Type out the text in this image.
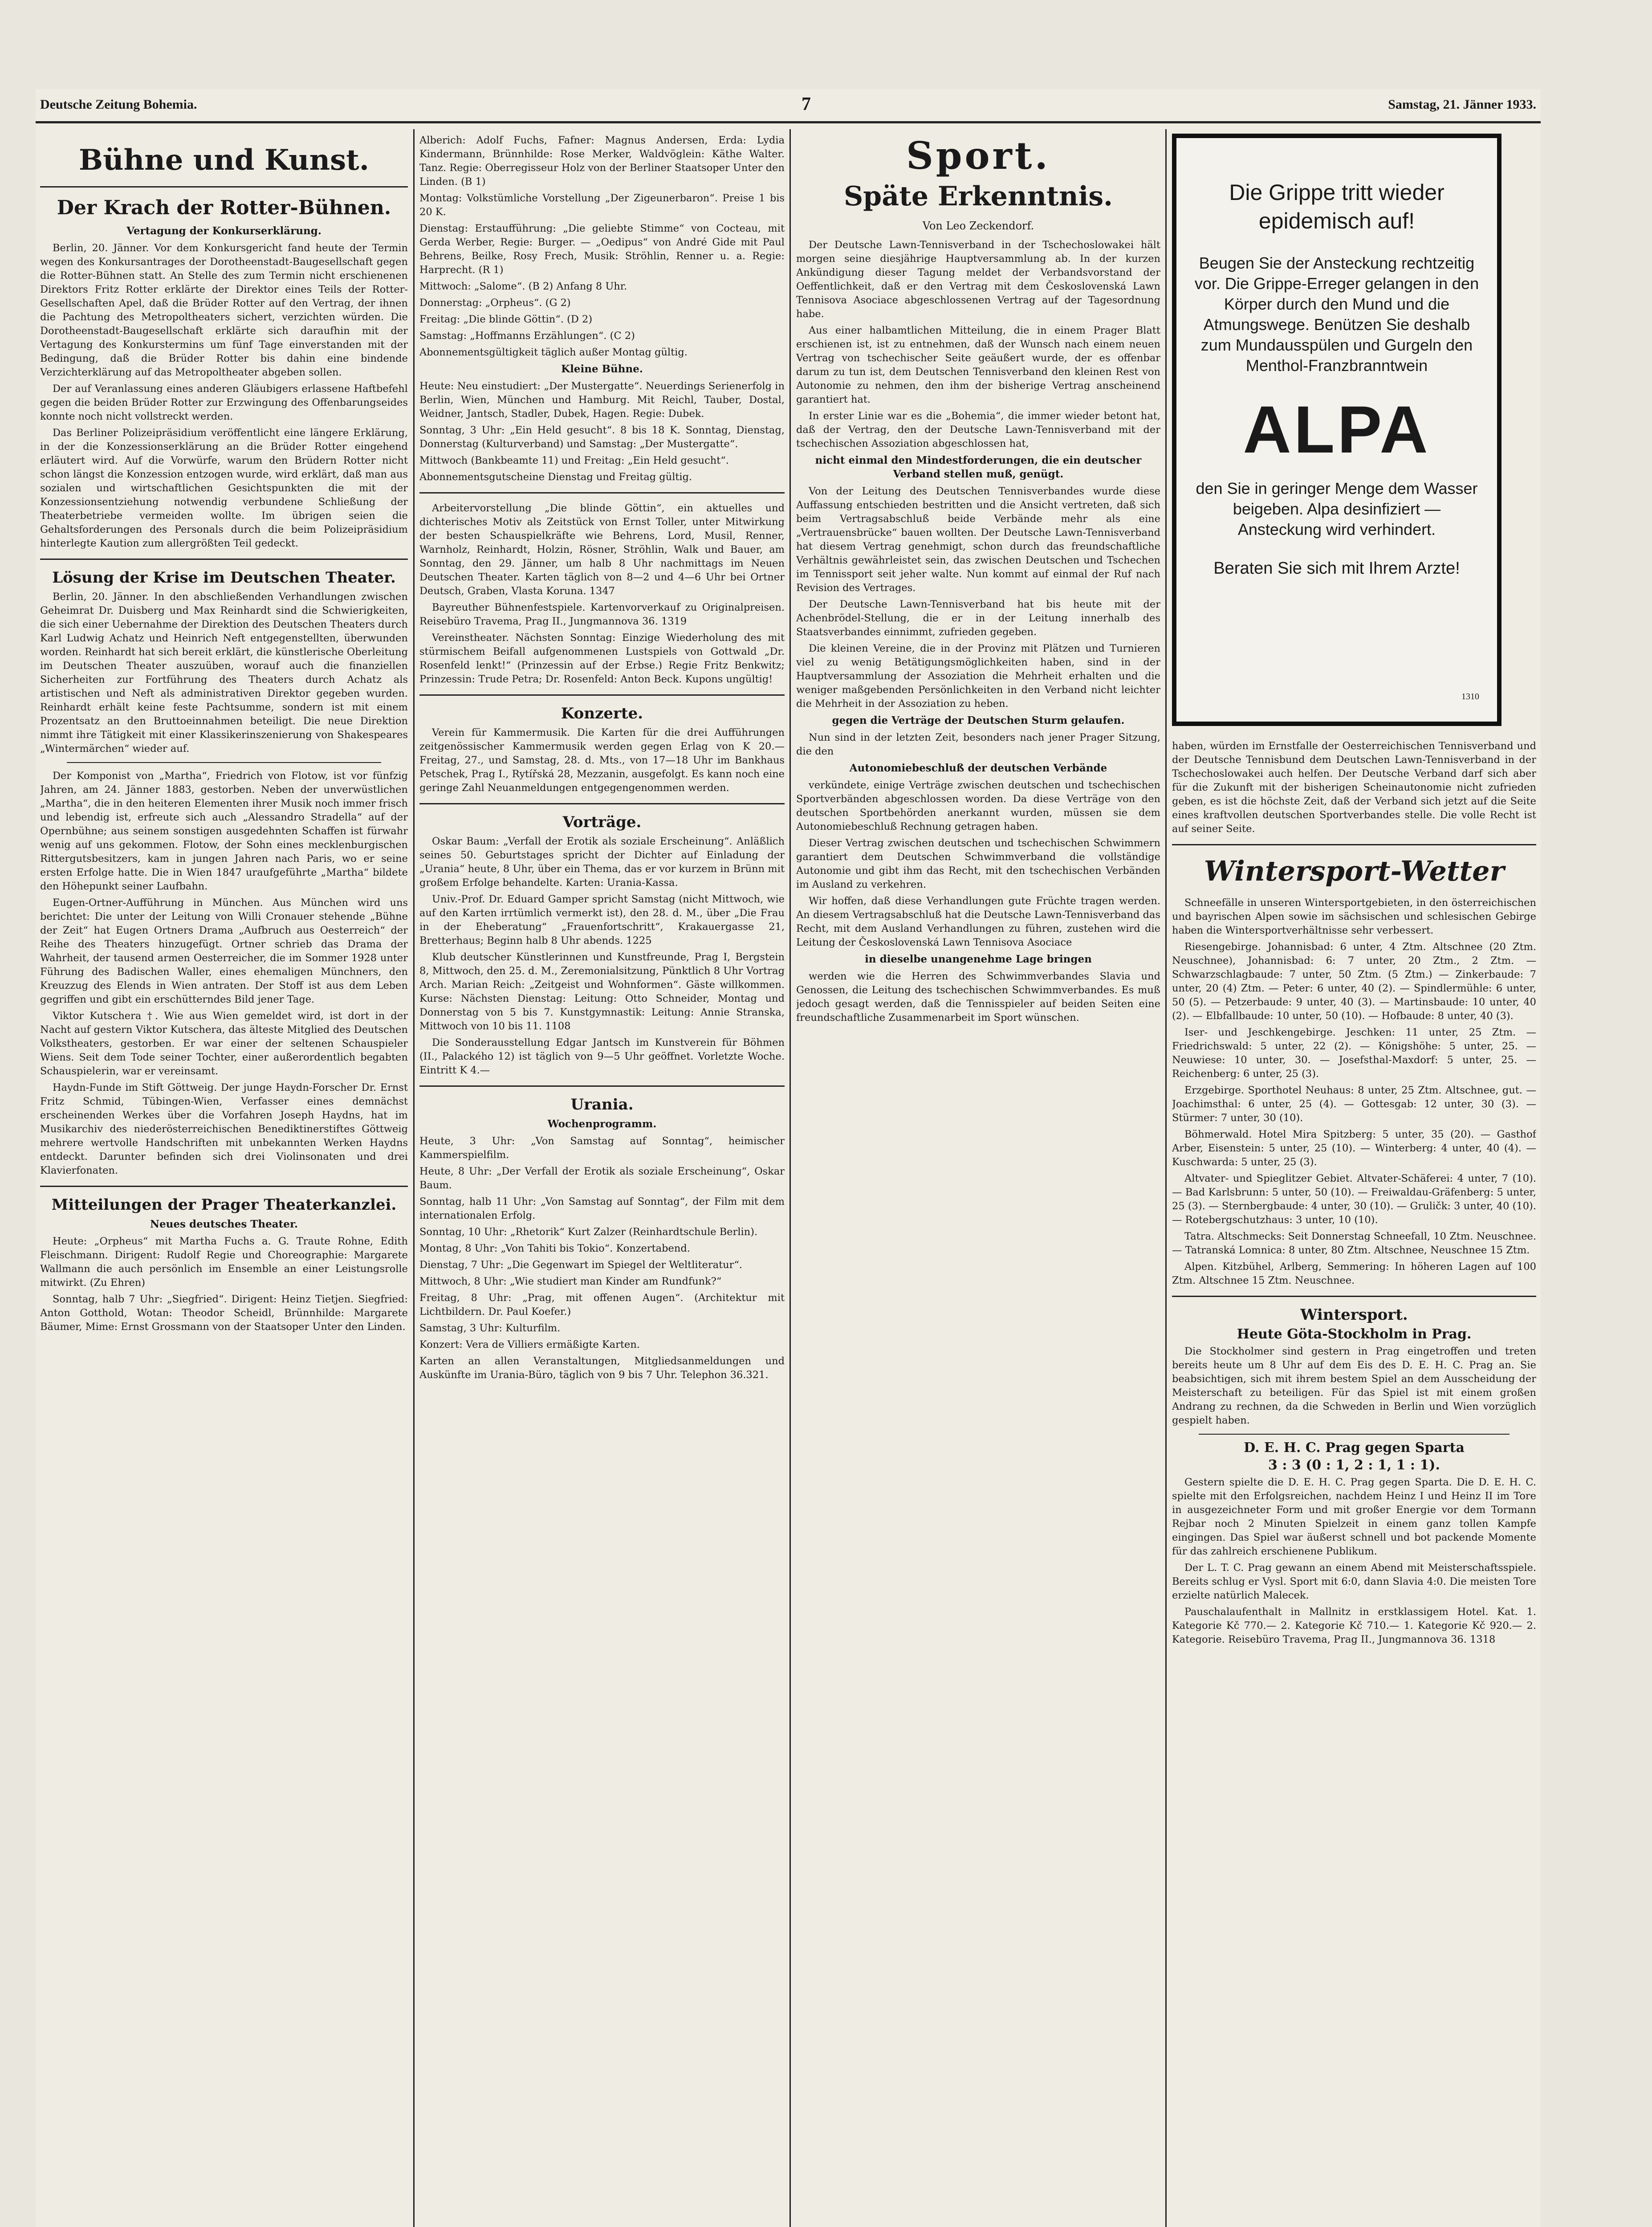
Deutsche Zeitung Bohemia.	7	Samstag, 21. Jänner 1933.
Bühne und Kunst.
Der Krach der Rotter-Bühnen.
Vertagung der Konkurserklärung.

Berlin, 20. Jänner. Vor dem Konkursgericht fand heute der Termin wegen des Konkursantrages der Dorotheenstadt-Baugesellschaft gegen die Rotter-Bühnen statt. An Stelle des zum Termin nicht erschienenen Direktors Fritz Rotter erklärte der Direktor eines Teils der Rotter-Gesellschaften Apel, daß die Brüder Rotter auf den Vertrag, der ihnen die Pachtung des Metropoltheaters sichert, verzichten würden. Die Dorotheenstadt-Baugesellschaft erklärte sich daraufhin mit der Vertagung des Konkurstermins um fünf Tage einverstanden mit der Bedingung, daß die Brüder Rotter bis dahin eine bindende Verzichterklärung auf das Metropoltheater abgeben sollen.

Der auf Veranlassung eines anderen Gläubigers erlassene Haftbefehl gegen die beiden Brüder Rotter zur Erzwingung des Offenbarungseides konnte noch nicht vollstreckt werden.

Das Berliner Polizeipräsidium veröffentlicht eine längere Erklärung, in der die Konzessionserklärung an die Brüder Rotter eingehend erläutert wird. Auf die Vorwürfe, warum den Brüdern Rotter nicht schon längst die Konzession entzogen wurde, wird erklärt, daß man aus sozialen und wirtschaftlichen Gesichtspunkten die mit der Konzessionsentziehung notwendig verbundene Schließung der Theaterbetriebe vermeiden wollte. Im übrigen seien die Gehaltsforderungen des Personals durch die beim Polizeipräsidium hinterlegte Kaution zum allergrößten Teil gedeckt.

Lösung der Krise im Deutschen Theater.

Berlin, 20. Jänner. In den abschließenden Verhandlungen zwischen Geheimrat Dr. Duisberg und Max Reinhardt sind die Schwierigkeiten, die sich einer Uebernahme der Direktion des Deutschen Theaters durch Karl Ludwig Achatz und Heinrich Neft entgegenstellten, überwunden worden. Reinhardt hat sich bereit erklärt, die künstlerische Oberleitung im Deutschen Theater auszuüben, worauf auch die finanziellen Sicherheiten zur Fortführung des Theaters durch Achatz als artistischen und Neft als administrativen Direktor gegeben wurden. Reinhardt erhält keine feste Pachtsumme, sondern ist mit einem Prozentsatz an den Bruttoeinnahmen beteiligt. Die neue Direktion nimmt ihre Tätigkeit mit einer Klassikerinszenierung von Shakespeares „Wintermärchen“ wieder auf.

Der Komponist von „Martha“, Friedrich von Flotow, ist vor fünfzig Jahren, am 24. Jänner 1883, gestorben. Neben der unverwüstlichen „Martha“, die in den heiteren Elementen ihrer Musik noch immer frisch und lebendig ist, erfreute sich auch „Alessandro Stradella“ auf der Opernbühne; aus seinem sonstigen ausgedehnten Schaffen ist fürwahr wenig auf uns gekommen. Flotow, der Sohn eines mecklenburgischen Rittergutsbesitzers, kam in jungen Jahren nach Paris, wo er seine ersten Erfolge hatte. Die in Wien 1847 uraufgeführte „Martha“ bildete den Höhepunkt seiner Laufbahn.

Eugen-Ortner-Aufführung in München. Aus München wird uns berichtet: Die unter der Leitung von Willi Cronauer stehende „Bühne der Zeit“ hat Eugen Ortners Drama „Aufbruch aus Oesterreich“ der Reihe des Theaters hinzugefügt. Ortner schrieb das Drama der Wahrheit, der tausend armen Oesterreicher, die im Sommer 1928 unter Führung des Badischen Waller, eines ehemaligen Münchners, den Kreuzzug des Elends in Wien antraten. Der Stoff ist aus dem Leben gegriffen und gibt ein erschütterndes Bild jener Tage.

Viktor Kutschera †. Wie aus Wien gemeldet wird, ist dort in der Nacht auf gestern Viktor Kutschera, das älteste Mitglied des Deutschen Volkstheaters, gestorben. Er war einer der seltenen Schauspieler Wiens. Seit dem Tode seiner Tochter, einer außerordentlich begabten Schauspielerin, war er vereinsamt.

Haydn-Funde im Stift Göttweig. Der junge Haydn-Forscher Dr. Ernst Fritz Schmid, Tübingen-Wien, Verfasser eines demnächst erscheinenden Werkes über die Vorfahren Joseph Haydns, hat im Musikarchiv des niederösterreichischen Benediktinerstiftes Göttweig mehrere wertvolle Handschriften mit unbekannten Werken Haydns entdeckt. Darunter befinden sich drei Violinsonaten und drei Klavierfonaten.

Mitteilungen der Prager Theaterkanzlei.
Neues deutsches Theater.

Heute: „Orpheus“ mit Martha Fuchs a. G. Traute Rohne, Edith Fleischmann. Dirigent: Rudolf Regie und Choreographie: Margarete Wallmann die auch persönlich im Ensemble an einer Leistungsrolle mitwirkt. (Zu Ehren)

Sonntag, halb 7 Uhr: „Siegfried“. Dirigent: Heinz Tietjen. Siegfried: Anton Gotthold, Wotan: Theodor Scheidl, Brünnhilde: Margarete Bäumer, Mime: Ernst Grossmann von der Staatsoper Unter den Linden.

Alberich: Adolf Fuchs, Fafner: Magnus Andersen, Erda: Lydia Kindermann, Brünnhilde: Rose Merker, Waldvöglein: Käthe Walter. Tanz. Regie: Oberregisseur Holz von der Berliner Staatsoper Unter den Linden. (B 1)

Montag: Volkstümliche Vorstellung „Der Zigeunerbaron“. Preise 1 bis 20 K.

Dienstag: Erstaufführung: „Die geliebte Stimme“ von Cocteau, mit Gerda Werber, Regie: Burger. — „Oedipus“ von André Gide mit Paul Behrens, Beilke, Rosy Frech, Musik: Ströhlin, Renner u. a. Regie: Harprecht. (R 1)

Mittwoch: „Salome“. (B 2) Anfang 8 Uhr.

Donnerstag: „Orpheus“. (G 2)

Freitag: „Die blinde Göttin“. (D 2)

Samstag: „Hoffmanns Erzählungen“. (C 2)

Abonnementsgültigkeit täglich außer Montag gültig.

Kleine Bühne.

Heute: Neu einstudiert: „Der Mustergatte“. Neuerdings Serienerfolg in Berlin, Wien, München und Hamburg. Mit Reichl, Tauber, Dostal, Weidner, Jantsch, Stadler, Dubek, Hagen. Regie: Dubek.

Sonntag, 3 Uhr: „Ein Held gesucht“. 8 bis 18 K. Sonntag, Dienstag, Donnerstag (Kulturverband) und Samstag: „Der Mustergatte“.

Mittwoch (Bankbeamte 11) und Freitag: „Ein Held gesucht“.

Abonnementsgutscheine Dienstag und Freitag gültig.

Arbeitervorstellung „Die blinde Göttin“, ein aktuelles und dichterisches Motiv als Zeitstück von Ernst Toller, unter Mitwirkung der besten Schauspielkräfte wie Behrens, Lord, Musil, Renner, Warnholz, Reinhardt, Holzin, Rösner, Ströhlin, Walk und Bauer, am Sonntag, den 29. Jänner, um halb 8 Uhr nachmittags im Neuen Deutschen Theater. Karten täglich von 8—2 und 4—6 Uhr bei Ortner Deutsch, Graben, Vlasta Koruna. 1347

Bayreuther Bühnenfestspiele. Kartenvorverkauf zu Originalpreisen. Reisebüro Travema, Prag II., Jungmannova 36. 1319

Vereinstheater. Nächsten Sonntag: Einzige Wiederholung des mit stürmischem Beifall aufgenommenen Lustspiels von Gottwald „Dr. Rosenfeld lenkt!“ (Prinzessin auf der Erbse.) Regie Fritz Benkwitz; Prinzessin: Trude Petra; Dr. Rosenfeld: Anton Beck. Kupons ungültig!

Konzerte.

Verein für Kammermusik. Die Karten für die drei Aufführungen zeitgenössischer Kammermusik werden gegen Erlag von K 20.— Freitag, 27., und Samstag, 28. d. Mts., von 17—18 Uhr im Bankhaus Petschek, Prag I., Rytířská 28, Mezzanin, ausgefolgt. Es kann noch eine geringe Zahl Neuanmeldungen entgegengenommen werden.

Vorträge.

Oskar Baum: „Verfall der Erotik als soziale Erscheinung“. Anläßlich seines 50. Geburtstages spricht der Dichter auf Einladung der „Urania“ heute, 8 Uhr, über ein Thema, das er vor kurzem in Brünn mit großem Erfolge behandelte. Karten: Urania-Kassa.

Univ.-Prof. Dr. Eduard Gamper spricht Samstag (nicht Mittwoch, wie auf den Karten irrtümlich vermerkt ist), den 28. d. M., über „Die Frau in der Eheberatung“ „Frauenfortschritt“, Krakauergasse 21, Bretterhaus; Beginn halb 8 Uhr abends. 1225

Klub deutscher Künstlerinnen und Kunstfreunde, Prag I, Bergstein 8, Mittwoch, den 25. d. M., Zeremonialsitzung, Pünktlich 8 Uhr Vortrag Arch. Marian Reich: „Zeitgeist und Wohnformen“. Gäste willkommen. Kurse: Nächsten Dienstag: Leitung: Otto Schneider, Montag und Donnerstag von 5 bis 7. Kunstgymnastik: Leitung: Annie Stranska, Mittwoch von 10 bis 11. 1108

Die Sonderausstellung Edgar Jantsch im Kunstverein für Böhmen (II., Palackého 12) ist täglich von 9—5 Uhr geöffnet. Vorletzte Woche. Eintritt K 4.—

Urania.
Wochenprogramm.

Heute, 3 Uhr: „Von Samstag auf Sonntag“, heimischer Kammerspielfilm.

Heute, 8 Uhr: „Der Verfall der Erotik als soziale Erscheinung“, Oskar Baum.

Sonntag, halb 11 Uhr: „Von Samstag auf Sonntag“, der Film mit dem internationalen Erfolg.

Sonntag, 10 Uhr: „Rhetorik“ Kurt Zalzer (Reinhardtschule Berlin).

Montag, 8 Uhr: „Von Tahiti bis Tokio“. Konzertabend.

Dienstag, 7 Uhr: „Die Gegenwart im Spiegel der Weltliteratur“.

Mittwoch, 8 Uhr: „Wie studiert man Kinder am Rundfunk?“

Freitag, 8 Uhr: „Prag, mit offenen Augen“. (Architektur mit Lichtbildern. Dr. Paul Koefer.)

Samstag, 3 Uhr: Kulturfilm.

Konzert: Vera de Villiers ermäßigte Karten.

Karten an allen Veranstaltungen, Mitgliedsanmeldungen und Auskünfte im Urania-Büro, täglich von 9 bis 7 Uhr. Telephon 36.321.

Sport.
Späte Erkenntnis.
Von Leo Zeckendorf.

Der Deutsche Lawn-Tennisverband in der Tschechoslowakei hält morgen seine diesjährige Hauptversammlung ab. In der kurzen Ankündigung dieser Tagung meldet der Verbandsvorstand der Oeffentlichkeit, daß er den Vertrag mit dem Československá Lawn Tennisova Asociace abgeschlossenen Vertrag auf der Tagesordnung habe.

Aus einer halbamtlichen Mitteilung, die in einem Prager Blatt erschienen ist, ist zu entnehmen, daß der Wunsch nach einem neuen Vertrag von tschechischer Seite geäußert wurde, der es offenbar darum zu tun ist, dem Deutschen Tennisverband den kleinen Rest von Autonomie zu nehmen, den ihm der bisherige Vertrag anscheinend garantiert hat.

In erster Linie war es die „Bohemia“, die immer wieder betont hat, daß der Vertrag, den der Deutsche Lawn-Tennisverband mit der tschechischen Assoziation abgeschlossen hat,

nicht einmal den Mindestforderungen, die ein deutscher Verband stellen muß, genügt.

Von der Leitung des Deutschen Tennisverbandes wurde diese Auffassung entschieden bestritten und die Ansicht vertreten, daß sich beim Vertragsabschluß beide Verbände mehr als eine „Vertrauensbrücke“ bauen wollten. Der Deutsche Lawn-Tennisverband hat diesem Vertrag genehmigt, schon durch das freundschaftliche Verhältnis gewährleistet sein, das zwischen Deutschen und Tschechen im Tennissport seit jeher walte. Nun kommt auf einmal der Ruf nach Revision des Vertrages.

Der Deutsche Lawn-Tennisverband hat bis heute mit der Achenbrödel-Stellung, die er in der Leitung innerhalb des Staatsverbandes einnimmt, zufrieden gegeben.

Die kleinen Vereine, die in der Provinz mit Plätzen und Turnieren viel zu wenig Betätigungsmöglichkeiten haben, sind in der Hauptversammlung der Assoziation die Mehrheit erhalten und die weniger maßgebenden Persönlichkeiten in den Verband nicht leichter die Mehrheit in der Assoziation zu heben.

gegen die Verträge der Deutschen Sturm gelaufen.

Nun sind in der letzten Zeit, besonders nach jener Prager Sitzung, die den

Autonomiebeschluß der deutschen Verbände

verkündete, einige Verträge zwischen deutschen und tschechischen Sportverbänden abgeschlossen worden. Da diese Verträge von den deutschen Sportbehörden anerkannt wurden, müssen sie dem Autonomiebeschluß Rechnung getragen haben.

Dieser Vertrag zwischen deutschen und tschechischen Schwimmern garantiert dem Deutschen Schwimmverband die vollständige Autonomie und gibt ihm das Recht, mit den tschechischen Verbänden im Ausland zu verkehren.

Wir hoffen, daß diese Verhandlungen gute Früchte tragen werden. An diesem Vertragsabschluß hat die Deutsche Lawn-Tennisverband das Recht, mit dem Ausland Verhandlungen zu führen, zustehen wird die Leitung der Československá Lawn Tennisova Asociace

in dieselbe unangenehme Lage bringen

werden wie die Herren des Schwimmverbandes Slavia und Genossen, die Leitung des tschechischen Schwimmverbandes. Es muß jedoch gesagt werden, daß die Tennisspieler auf beiden Seiten eine freundschaftliche Zusammenarbeit im Sport wünschen.

Die Grippe tritt wieder epidemisch auf!
Beugen Sie der Ansteckung rechtzeitig vor. Die Grippe-Erreger gelangen in den Körper durch den Mund und die Atmungswege. Benützen Sie deshalb zum Mundausspülen und Gurgeln den Menthol-Franzbranntwein
ALPA
den Sie in geringer Menge dem Wasser beigeben. Alpa desinfiziert — Ansteckung wird verhindert.
Beraten Sie sich mit Ihrem Arzte!
1310

haben, würden im Ernstfalle der Oesterreichischen Tennisverband und der Deutsche Tennisbund dem Deutschen Lawn-Tennisverband in der Tschechoslowakei auch helfen. Der Deutsche Verband darf sich aber für die Zukunft mit der bisherigen Scheinautonomie nicht zufrieden geben, es ist die höchste Zeit, daß der Verband sich jetzt auf die Seite eines kraftvollen deutschen Sportverbandes stelle. Die volle Recht ist auf seiner Seite.

Wintersport-Wetter

Schneefälle in unseren Wintersportgebieten, in den österreichischen und bayrischen Alpen sowie im sächsischen und schlesischen Gebirge haben die Wintersportverhältnisse sehr verbessert.

Riesengebirge. Johannisbad: 6 unter, 4 Ztm. Altschnee (20 Ztm. Neuschnee), Johannisbad: 6: 7 unter, 20 Ztm., 2 Ztm. — Schwarzschlagbaude: 7 unter, 50 Ztm. (5 Ztm.) — Zinkerbaude: 7 unter, 20 (4) Ztm. — Peter: 6 unter, 40 (2). — Spindlermühle: 6 unter, 50 (5). — Petzerbaude: 9 unter, 40 (3). — Martinsbaude: 10 unter, 40 (2). — Elbfallbaude: 10 unter, 50 (10). — Hofbaude: 8 unter, 40 (3).

Iser- und Jeschkengebirge. Jeschken: 11 unter, 25 Ztm. — Friedrichswald: 5 unter, 22 (2). — Königshöhe: 5 unter, 25. — Neuwiese: 10 unter, 30. — Josefsthal-Maxdorf: 5 unter, 25. — Reichenberg: 6 unter, 25 (3).

Erzgebirge. Sporthotel Neuhaus: 8 unter, 25 Ztm. Altschnee, gut. — Joachimsthal: 6 unter, 25 (4). — Gottesgab: 12 unter, 30 (3). — Stürmer: 7 unter, 30 (10).

Böhmerwald. Hotel Mira Spitzberg: 5 unter, 35 (20). — Gasthof Arber, Eisenstein: 5 unter, 25 (10). — Winterberg: 4 unter, 40 (4). — Kuschwarda: 5 unter, 25 (3).

Altvater- und Spieglitzer Gebiet. Altvater-Schäferei: 4 unter, 7 (10). — Bad Karlsbrunn: 5 unter, 50 (10). — Freiwaldau-Gräfenberg: 5 unter, 25 (3). — Sternbergbaude: 4 unter, 30 (10). — Gruličk: 3 unter, 40 (10). — Rotebergschutzhaus: 3 unter, 10 (10).

Tatra. Altschmecks: Seit Donnerstag Schneefall, 10 Ztm. Neuschnee. — Tatranská Lomnica: 8 unter, 80 Ztm. Altschnee, Neuschnee 15 Ztm.

Alpen. Kitzbühel, Arlberg, Semmering: In höheren Lagen auf 100 Ztm. Altschnee 15 Ztm. Neuschnee.

Wintersport.
Heute Göta-Stockholm in Prag.

Die Stockholmer sind gestern in Prag eingetroffen und treten bereits heute um 8 Uhr auf dem Eis des D. E. H. C. Prag an. Sie beabsichtigen, sich mit ihrem bestem Spiel an dem Ausscheidung der Meisterschaft zu beteiligen. Für das Spiel ist mit einem großen Andrang zu rechnen, da die Schweden in Berlin und Wien vorzüglich gespielt haben.

D. E. H. C. Prag gegen Sparta
3 : 3 (0 : 1, 2 : 1, 1 : 1).

Gestern spielte die D. E. H. C. Prag gegen Sparta. Die D. E. H. C. spielte mit den Erfolgsreichen, nachdem Heinz I und Heinz II im Tore in ausgezeichneter Form und mit großer Energie vor dem Tormann Rejbar noch 2 Minuten Spielzeit in einem ganz tollen Kampfe eingingen. Das Spiel war äußerst schnell und bot packende Momente für das zahlreich erschienene Publikum.

Der L. T. C. Prag gewann an einem Abend mit Meisterschaftsspiele. Bereits schlug er Vysl. Sport mit 6:0, dann Slavia 4:0. Die meisten Tore erzielte natürlich Malecek.

Pauschalaufenthalt in Mallnitz in erstklassigem Hotel. Kat. 1. Kategorie Kč 770.— 2. Kategorie Kč 710.— 1. Kategorie Kč 920.— 2. Kategorie. Reisebüro Travema, Prag II., Jungmannova 36. 1318
